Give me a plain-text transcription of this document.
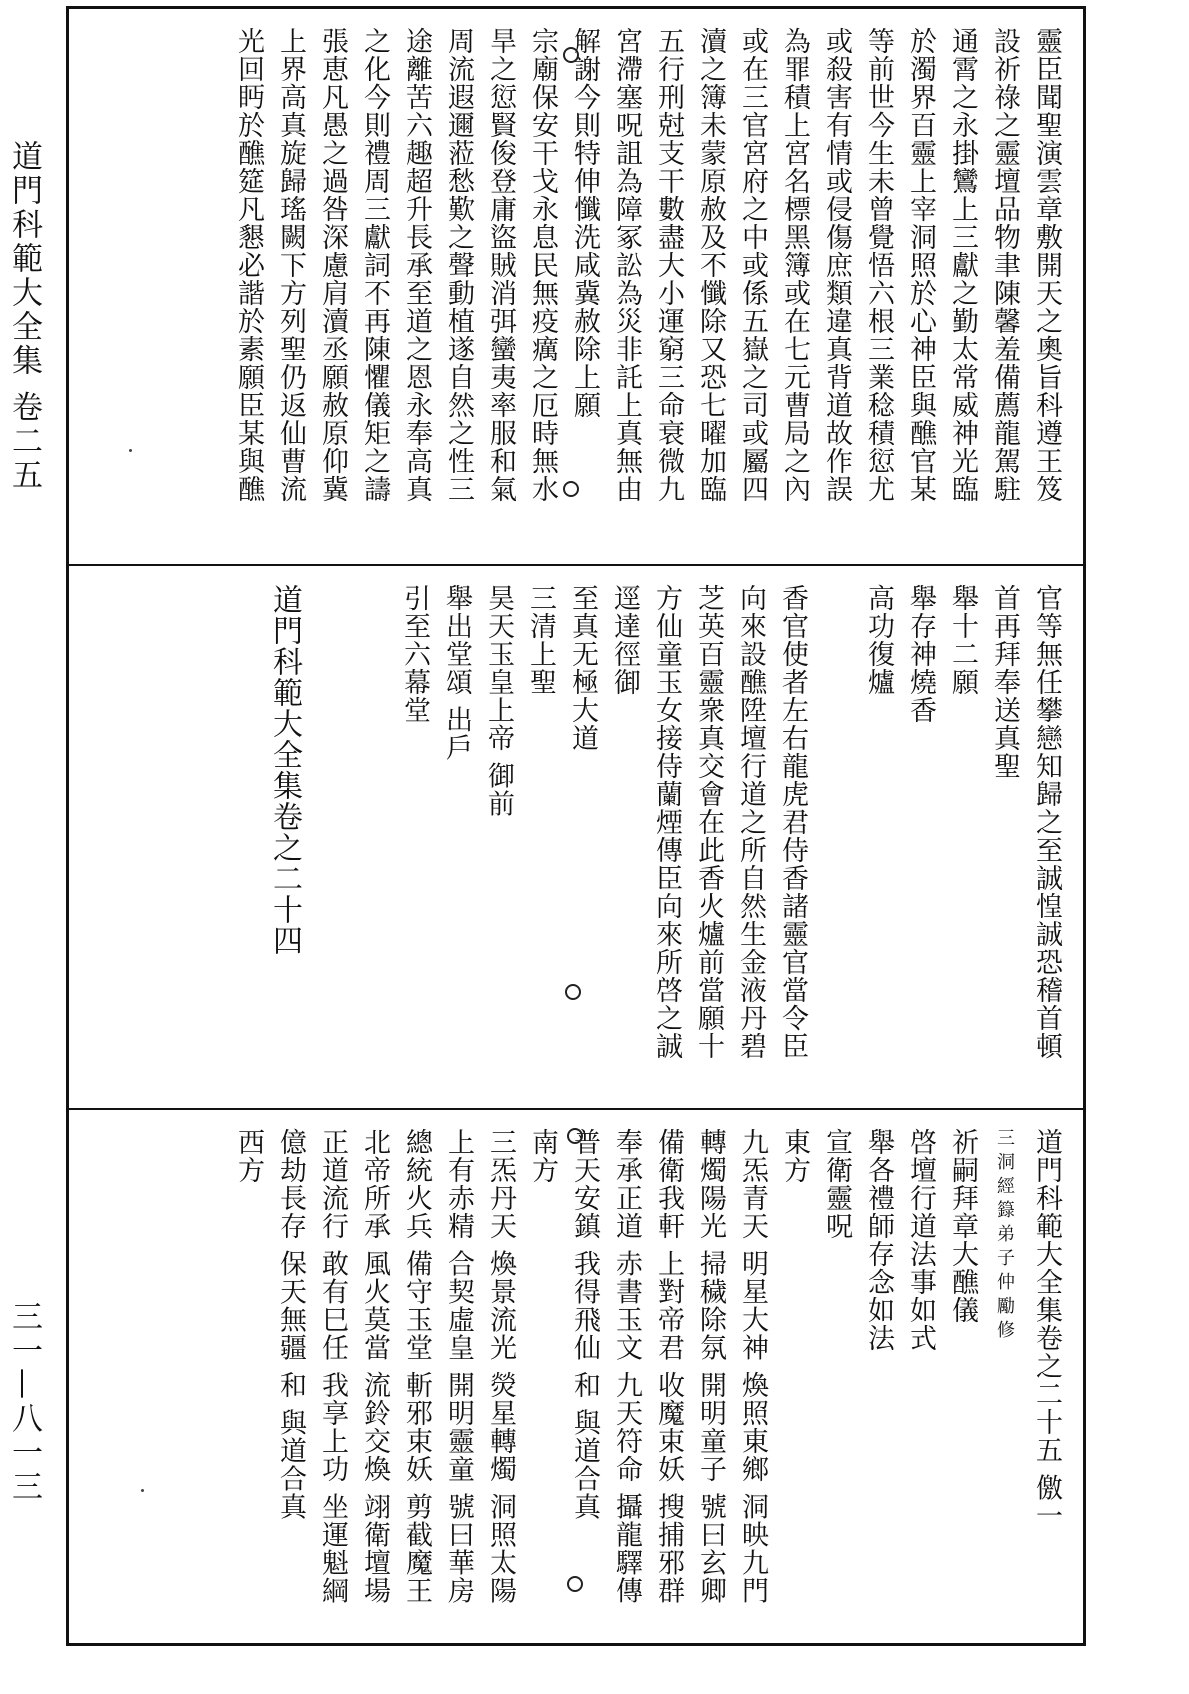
道門科範大全集 卷二五
三一—八一三
靈臣聞聖演雲章敷開天之奧旨科遵王笈
設祈祿之靈壇品物聿陳馨羞備薦龍駕駐
通霄之永掛鸞上三獻之勤太常威神光臨
於濁界百靈上宰洞照於心神臣與醮官某
等前世今生未曾覺悟六根三業稔積愆尤
或殺害有情或侵傷庶類違真背道故作誤
為罪積上宮名標黑簿或在七元曹局之內
或在三官宮府之中或係五嶽之司或屬四
瀆之簿未蒙原赦及不懺除又恐七曜加臨
五行刑尅支干數盡大小運窮三命衰微九
宮滯塞呪詛為障冢訟為災非託上真無由
解謝今則特伸懺洗咸冀赦除上願
宗廟保安干戈永息民無疫癘之厄時無水
旱之愆賢俊登庸盜賊消弭蠻夷率服和氣
周流遐邇蒞愁歎之聲動植遂自然之性三
途離苦六趣超升長承至道之恩永奉高真
之化今則禮周三獻詞不再陳懼儀矩之譸
張恵凡愚之過咎深慮肩瀆丞願赦原仰冀
上界高真旋歸瑤闕下方列聖仍返仙曹流
光回眄於醮筵凡懇必諧於素願臣某與醮
官等無任攀戀知歸之至誠惶誠恐稽首頓
首再拜奉送真聖
舉十二願
舉存神燒香
高功復爐
香官使者左右龍虎君侍香諸靈官當令臣
向來設醮陞壇行道之所自然生金液丹碧
芝英百靈衆真交會在此香火爐前當願十
方仙童玉女接侍蘭煙傳臣向來所啓之誠
逕達徑御
至真无極大道
三清上聖
昊天玉皇上帝 御前
舉出堂頌 出戶
引至六幕堂
道門科範大全集卷之二十四
道門科範大全集卷之二十五 儌一
三洞經籙弟子仲勵修
祈嗣拜章大醮儀
啓壇行道法事如式
舉各禮師存念如法
宣衛靈呪
東方
九炁青天 明星大神 煥照東鄉 洞映九門
轉燭陽光 掃穢除氛 開明童子 號曰玄卿
備衛我軒 上對帝君 收魔束妖 搜捕邪群
奉承正道 赤書玉文 九天符命 攝龍驛傳
普天安鎮 我得飛仙 和 與道合真
南方
三炁丹天 煥景流光 熒星轉燭 洞照太陽
上有赤精 合契虛皇 開明靈童 號曰華房
總統火兵 備守玉堂 斬邪束妖 剪截魔王
北帝所承 風火莫當 流鈴交煥 翊衛壇場
正道流行 敢有巳任 我享上功 坐運魁綱
億劫長存 保天無疆 和 與道合真
西方
